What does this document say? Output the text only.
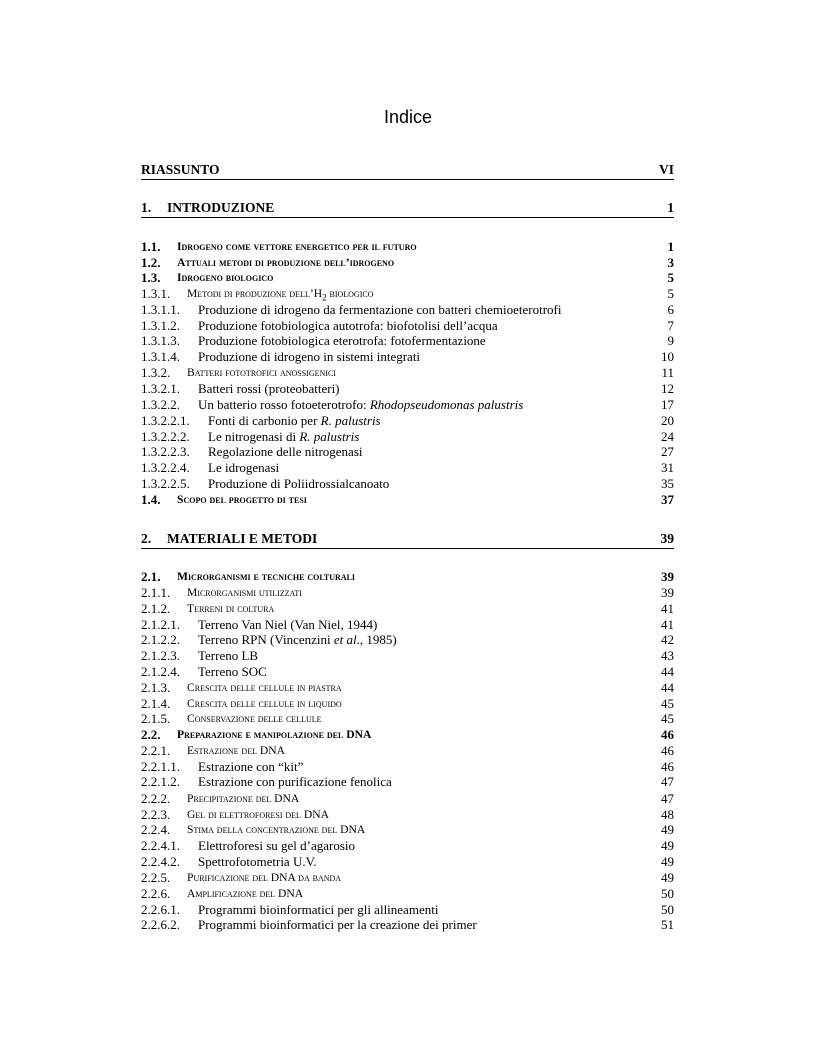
Indice
RIASSUNTO	VI
1. INTRODUZIONE	1
1.1. Idrogeno come vettore energetico per il futuro	1
1.2. Attuali metodi di produzione dell’idrogeno	3
1.3. Idrogeno biologico	5
1.3.1. Metodi di produzione $dell’H_2$ biologico	5
1.3.1.1. Produzione di idrogeno da fermentazione con batteri chemioeterotrofi	6
1.3.1.2. Produzione fotobiologica autotrofa: biofotolisi dell’acqua	7
1.3.1.3. Produzione fotobiologica eterotrofa: fotofermentazione	9
1.3.1.4. Produzione di idrogeno in sistemi integrati	10
1.3.2. Batteri fototrofici anossigenici	11
1.3.2.1. Batteri rossi (proteobatteri)	12
1.3.2.2. Un batterio rosso fotoeterotrofo: Rhodopseudomonas palustris	17
1.3.2.2.1. Fonti di carbonio per R. palustris	20
1.3.2.2.2. Le nitrogenasi di R. palustris	24
1.3.2.2.3. Regolazione delle nitrogenasi	27
1.3.2.2.4. Le idrogenasi	31
1.3.2.2.5. Produzione di Poliidrossialcanoato	35
1.4. Scopo del progetto di tesi	37
2. MATERIALI E METODI	39
2.1. Microrganismi e tecniche colturali	39
2.1.1. Microrganismi utilizzati	39
2.1.2. Terreni di coltura	41
2.1.2.1. Terreno Van Niel (Van Niel, 1944)	41
2.1.2.2. Terreno RPN (Vincenzini et al., 1985)	42
2.1.2.3. Terreno LB	43
2.1.2.4. Terreno SOC	44
2.1.3. Crescita delle cellule in piastra	44
2.1.4. Crescita delle cellule in liquido	45
2.1.5. Conservazione delle cellule	45
2.2. Preparazione e manipolazione del DNA	46
2.2.1. Estrazione del DNA	46
2.2.1.1. Estrazione con “kit”	46
2.2.1.2. Estrazione con purificazione fenolica	47
2.2.2. Precipitazione del DNA	47
2.2.3. Gel di elettroforesi del DNA	48
2.2.4. Stima della concentrazione del DNA	49
2.2.4.1. Elettroforesi su gel d’agarosio	49
2.2.4.2. Spettrofotometria U.V.	49
2.2.5. Purificazione del DNA da banda	49
2.2.6. Amplificazione del DNA	50
2.2.6.1. Programmi bioinformatici per gli allineamenti	50
2.2.6.2. Programmi bioinformatici per la creazione dei primer	51
